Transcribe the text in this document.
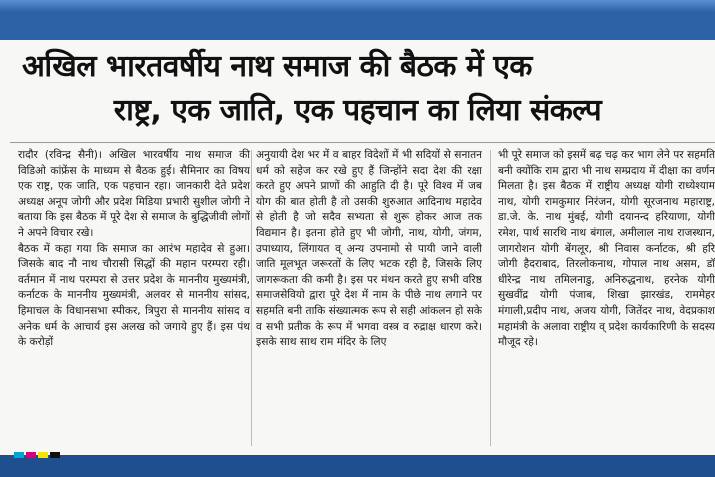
अखिल भारतवर्षीय नाथ समाज की बैठक में एक
राष्ट्र, एक जाति, एक पहचान का लिया संकल्प

रादौर (रविन्द्र सैनी)। अखिल भारवर्षीय नाथ समाज की विडिओ कांफ्रेंस के माध्यम से बैठक हुई। सैमिनार का विषय एक राष्ट्र, एक जाति, एक पहचान रहा। जानकारी देते प्रदेश अध्यक्ष अनूप जोगी और प्रदेश मिडिया प्रभारी सुशील जोगी ने बताया कि इस बैठक में पूरे देश से समाज के बुद्धिजीवी लोगों ने अपने विचार रखे।

बैठक में कहा गया कि समाज का आरंभ महादेव से हुआ।जिसके बाद नौ नाथ चौरासी सिद्धों की महान परम्परा रही। वर्तमान में नाथ परम्परा से उत्तर प्रदेश के माननीय मुख्यमंत्री, कर्नाटक के माननीय मुख्यमंत्री, अलवर से माननीय सांसद, हिमाचल के विधानसभा स्पीकर, त्रिपुरा से माननीय सांसद व अनेक धर्म के आचार्य इस अलख को जगाये हुए हैं। इस पंथ के करोड़ों

अनुयायी देश भर में व बाहर विदेशों में भी सदियों से सनातन धर्म को सहेज कर रखे हुए हैं जिन्होंने सदा देश की रक्षा करते हुए अपने प्राणों की आहुति दी है। पूरे विश्व में जब योग की बात होती है तो उसकी शुरुआत आदिनाथ महादेव से होती है जो सदैव सभ्यता से शुरू होकर आज तक विद्यमान है। इतना होते हुए भी जोगी, नाथ, योगी, जंगम, उपाध्याय, लिंगायत व् अन्य उपनामो से पायी जाने वाली जाति मूलभूत जरूरतों के लिए भटक रही है, जिसके लिए जागरूकता की कमी है। इस पर मंथन करते हुए सभी वरिष्ठ समाजसेवियो द्वारा पूरे देश में नाम के पीछे नाथ लगाने पर सहमति बनी ताकि संख्यात्मक रूप से सही आंकलन हो सके व सभी प्रतीक के रूप में भगवा वस्त्र व रुद्राक्ष धारण करे। इसके साथ साथ राम मंदिर के लिए

भी पूरे समाज को इसमें बढ़ चढ़ कर भाग लेने पर सहमति बनी क्योंकि राम द्वारा भी नाथ सम्प्रदाय में दीक्षा का वर्णन मिलता है। इस बैठक में राष्ट्रीय अध्यक्ष योगी राध्येश्याम नाथ, योगी रामकुमार निरंजन, योगी सूरजनाथ महाराष्ट्र, डा.जे. के. नाथ मुंबई, योगी दयानन्द हरियाणा, योगी रमेश, पार्थ सारथि नाथ बंगाल, अमीलाल नाथ राजस्थान, जागरोशन योगी बेंगलूर, श्री निवास कर्नाटक, श्री हरि जोगी हैदराबाद, तिरलोकनाथ, गोपाल नाथ असम, डॉ धीरेन्द्र नाथ तमिलनाडु, अनिरुद्धनाथ, हरनेक योगी सुखवींद्र योगी पंजाब, शिखा झारखंड, राममेहर मंगाली,प्रदीप नाथ, अजय योगी, जितेंदर नाथ, वेदप्रकाश महामंत्री के अलावा राष्ट्रीय व् प्रदेश कार्यकारिणी के सदस्य मौजूद रहे।
